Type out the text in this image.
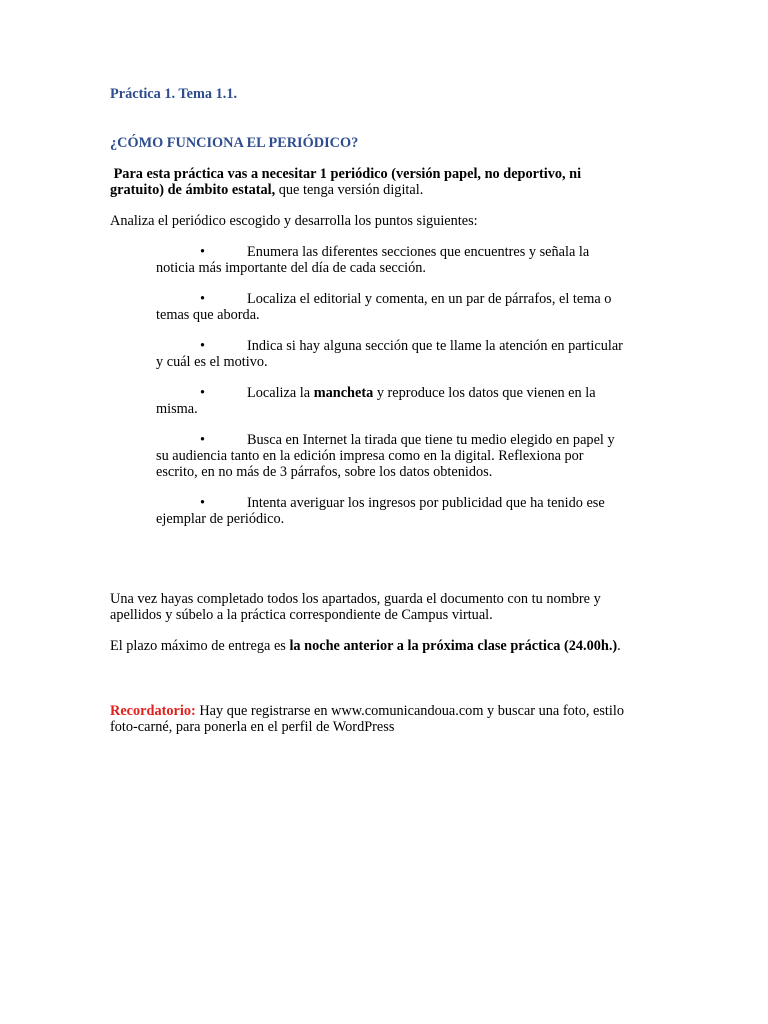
Práctica 1. Tema 1.1.

¿CÓMO FUNCIONA EL PERIÓDICO?

Para esta práctica vas a necesitar 1 periódico (versión papel, no deportivo, ni gratuito) de ámbito estatal, que tenga versión digital.

Analiza el periódico escogido y desarrolla los puntos siguientes:

•	Enumera las diferentes secciones que encuentres y señala la
noticia más importante del día de cada sección.
•	Localiza el editorial y comenta, en un par de párrafos, el tema o
temas que aborda.
•	Indica si hay alguna sección que te llame la atención en particular
y cuál es el motivo.
•	Localiza la mancheta y reproduce los datos que vienen en la
misma.
•	Busca en Internet la tirada que tiene tu medio elegido en papel y
su audiencia tanto en la edición impresa como en la digital. Reflexiona por escrito, en no más de 3 párrafos, sobre los datos obtenidos.
•	Intenta averiguar los ingresos por publicidad que ha tenido ese
ejemplar de periódico.

Una vez hayas completado todos los apartados, guarda el documento con tu nombre y apellidos y súbelo a la práctica correspondiente de Campus virtual.

El plazo máximo de entrega es la noche anterior a la próxima clase práctica (24.00h.).

Recordatorio: Hay que registrarse en www.comunicandoua.com y buscar una foto, estilo foto-carné, para ponerla en el perfil de WordPress
